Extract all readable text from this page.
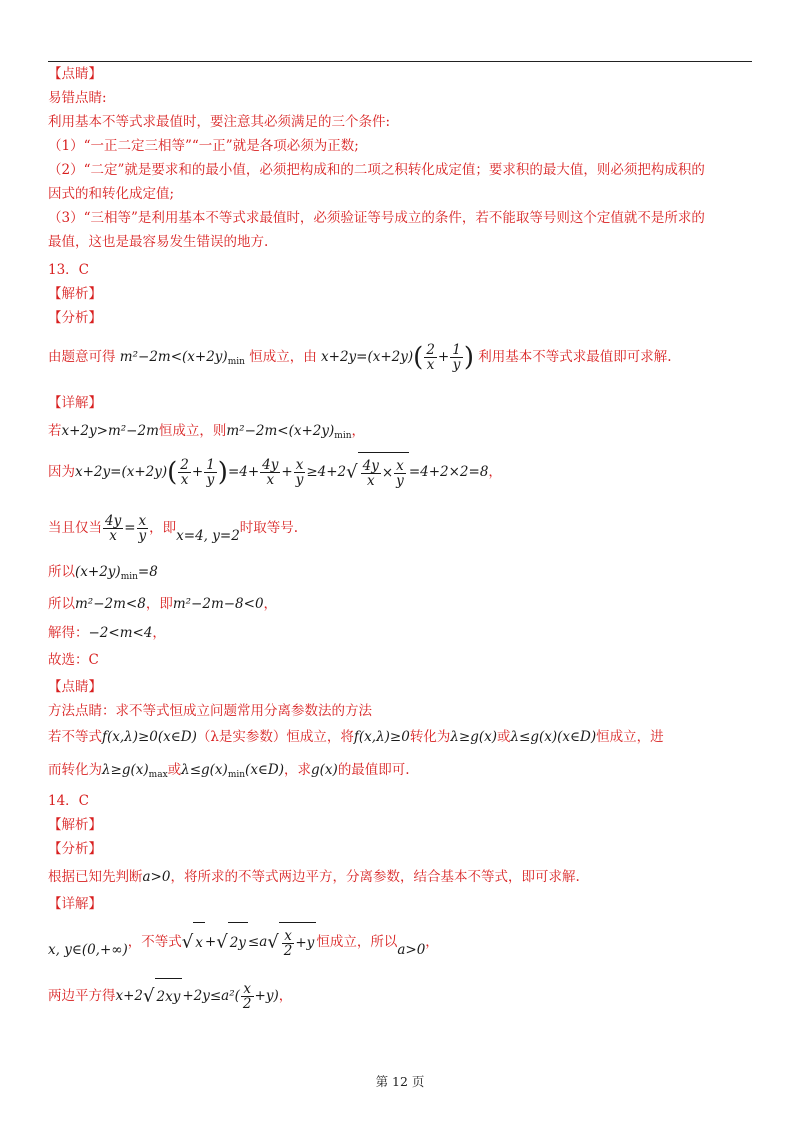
【点睛】
易错点睛:
利用基本不等式求最值时，要注意其必须满足的三个条件:
（1）“一正二定三相等”“一正”就是各项必须为正数;
（2）“二定”就是要求和的最小值，必须把构成和的二项之积转化成定值；要求积的最大值，则必须把构成积的
因式的和转化成定值;
（3）“三相等”是利用基本不等式求最值时，必须验证等号成立的条件，若不能取等号则这个定值就不是所求的
最值，这也是最容易发生错误的地方.
13．C
【解析】
【分析】
由题意可得 $m^2-2m<(x+2y)_{min}$ 恒成立，由 $x+2y=(x+2y)( \frac{2}{x} + \frac{1}{y}$ ) 利用基本不等式求最值即可求解.
【详解】
若x+2y>m²−2m恒成立，则$m^2-2m<(x+2y)_{min}$，
因为$x+2y=(x+2y)( \frac{2}{x} + \frac{1}{y} )=4+ \frac{4y}{x} + \frac{x}{y} \ge 4+2√ \frac{4y}{x} \times \frac{x}{y} =4+2\times 2=8$，
当且仅当 $\frac{4y}{x} = \frac{x}{y}$ ，即x=4, y=2时取等号.
所以$(x+2y)_{min}=8$
所以m²−2m<8，即m²−2m−8<0，
解得：−2<m<4，
故选：C
【点睛】
方法点睛：求不等式恒成立问题常用分离参数法的方法
若不等式f(x,λ)≥0(x∈D)（λ是实参数）恒成立，将f(x,λ)≥0转化为λ≥g(x)或λ≤g(x)(x∈D)恒成立，进
而转化为$\lambda\ge g(x)_{max}$或$\lambda\le g(x)_{min}(x\in D)$，求g(x)的最值即可.
14．C
【解析】
【分析】
根据已知先判断a>0，将所求的不等式两边平方，分离参数，结合基本不等式，即可求解.
【详解】
x, y∈(0,+∞)，不等式√ x +√ $2y \le a√ \frac{x}{2} +y$ 恒成立，所以a>0，
两边平方得x+2√ $2xy +2y\le a^2( \frac{x}{2} +y)$，
第 12 页
